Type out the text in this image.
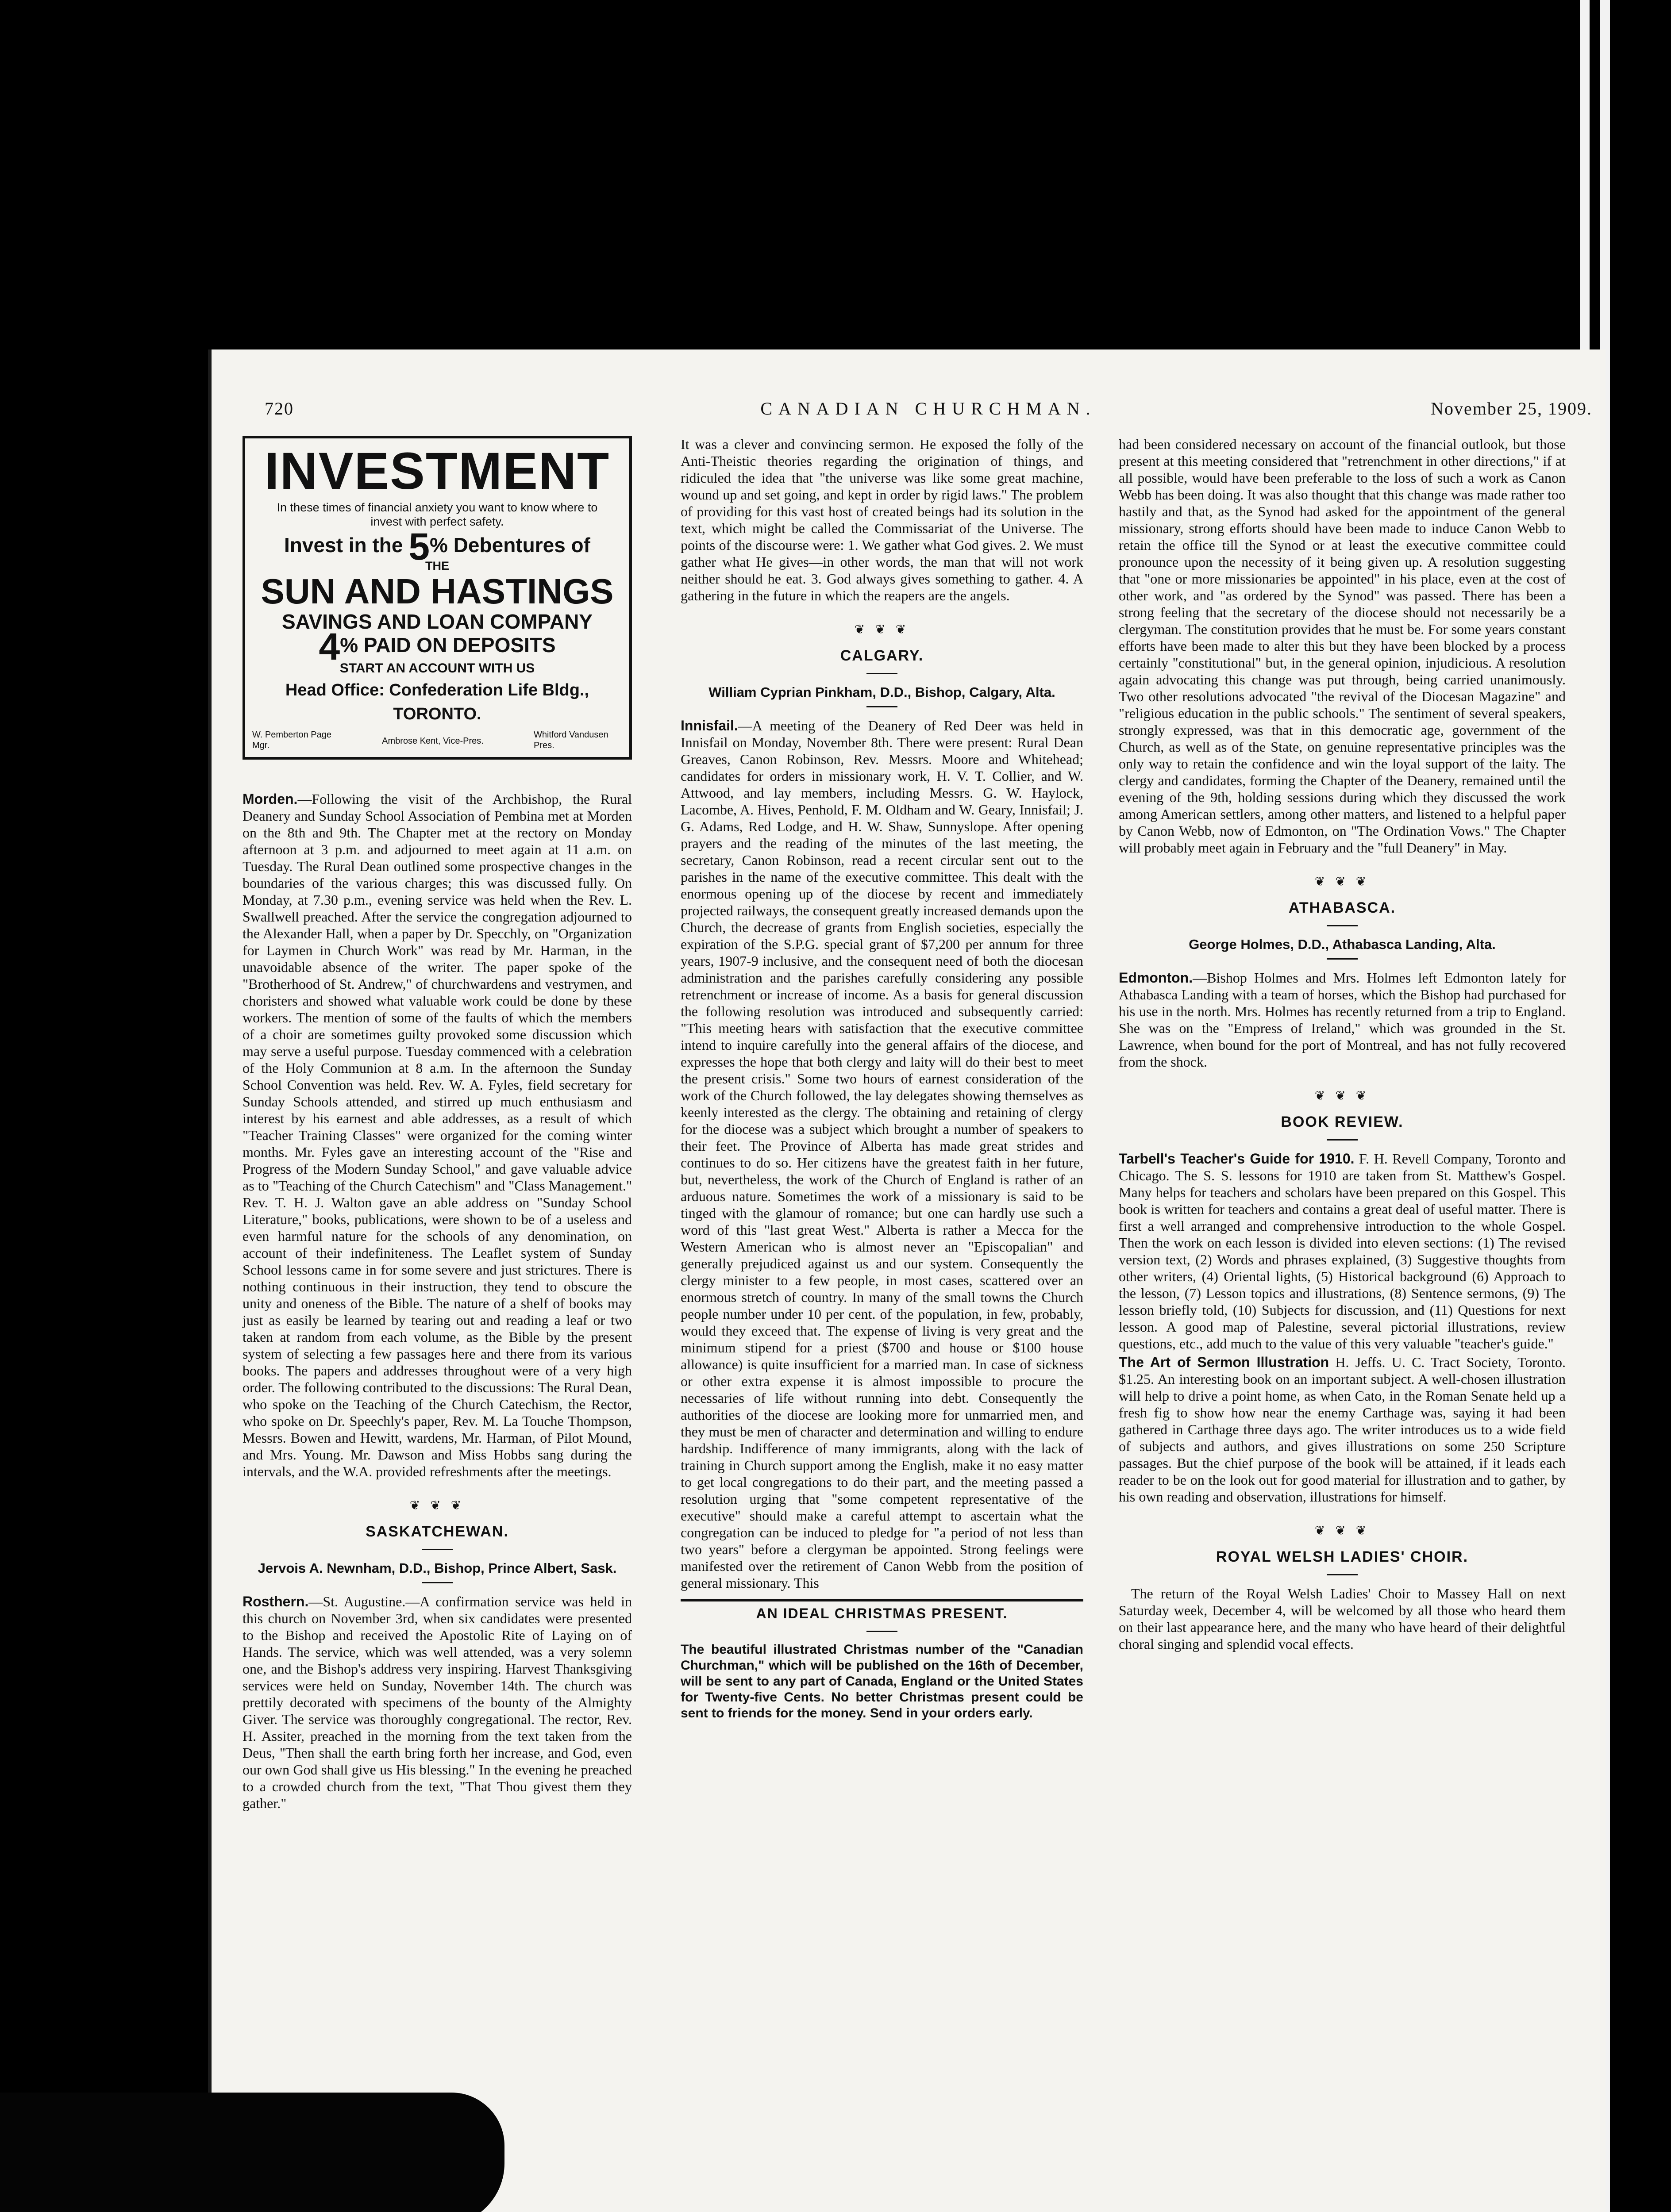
720	CANADIAN CHURCHMAN.	November 25, 1909.
INVESTMENT
In these times of financial anxiety you want to know where to invest with perfect safety.
Invest in the 5% Debentures of
THE
SUN AND HASTINGS
SAVINGS AND LOAN COMPANY
4% PAID ON DEPOSITS
START AN ACCOUNT WITH US
Head Office: Confederation Life Bldg., TORONTO.
W. Pemberton Page Mgr.	Ambrose Kent, Vice-Pres.
Whitford Vandusen Pres.

Morden.—Following the visit of the Archbishop, the Rural Deanery and Sunday School Association of Pembina met at Morden on the 8th and 9th. The Chapter met at the rectory on Monday afternoon at 3 p.m. and adjourned to meet again at 11 a.m. on Tuesday. The Rural Dean outlined some prospective changes in the boundaries of the various charges; this was discussed fully. On Monday, at 7.30 p.m., evening service was held when the Rev. L. Swallwell preached. After the service the congregation adjourned to the Alexander Hall, when a paper by Dr. Specchly, on "Organization for Laymen in Church Work" was read by Mr. Harman, in the unavoidable absence of the writer. The paper spoke of the "Brotherhood of St. Andrew," of churchwardens and vestrymen, and choristers and showed what valuable work could be done by these workers. The mention of some of the faults of which the members of a choir are sometimes guilty provoked some discussion which may serve a useful purpose. Tuesday commenced with a celebration of the Holy Communion at 8 a.m. In the afternoon the Sunday School Convention was held. Rev. W. A. Fyles, field secretary for Sunday Schools attended, and stirred up much enthusiasm and interest by his earnest and able addresses, as a result of which "Teacher Training Classes" were organized for the coming winter months. Mr. Fyles gave an interesting account of the "Rise and Progress of the Modern Sunday School," and gave valuable advice as to "Teaching of the Church Catechism" and "Class Management." Rev. T. H. J. Walton gave an able address on "Sunday School Literature," books, publications, were shown to be of a useless and even harmful nature for the schools of any denomination, on account of their indefiniteness. The Leaflet system of Sunday School lessons came in for some severe and just strictures. There is nothing continuous in their instruction, they tend to obscure the unity and oneness of the Bible. The nature of a shelf of books may just as easily be learned by tearing out and reading a leaf or two taken at random from each volume, as the Bible by the present system of selecting a few passages here and there from its various books. The papers and addresses throughout were of a very high order. The following contributed to the discussions: The Rural Dean, who spoke on the Teaching of the Church Catechism, the Rector, who spoke on Dr. Speechly's paper, Rev. M. La Touche Thompson, Messrs. Bowen and Hewitt, wardens, Mr. Harman, of Pilot Mound, and Mrs. Young. Mr. Dawson and Miss Hobbs sang during the intervals, and the W.A. provided refreshments after the meetings.

❦ ❦ ❦
SASKATCHEWAN.
Jervois A. Newnham, D.D., Bishop, Prince Albert, Sask.

Rosthern.—St. Augustine.—A confirmation service was held in this church on November 3rd, when six candidates were presented to the Bishop and received the Apostolic Rite of Laying on of Hands. The service, which was well attended, was a very solemn one, and the Bishop's address very inspiring. Harvest Thanksgiving services were held on Sunday, November 14th. The church was prettily decorated with specimens of the bounty of the Almighty Giver. The service was thoroughly congregational. The rector, Rev. H. Assiter, preached in the morning from the text taken from the Deus, "Then shall the earth bring forth her increase, and God, even our own God shall give us His blessing." In the evening he preached to a crowded church from the text, "That Thou givest them they gather."

It was a clever and convincing sermon. He exposed the folly of the Anti-Theistic theories regarding the origination of things, and ridiculed the idea that "the universe was like some great machine, wound up and set going, and kept in order by rigid laws." The problem of providing for this vast host of created beings had its solution in the text, which might be called the Commissariat of the Universe. The points of the discourse were: 1. We gather what God gives. 2. We must gather what He gives—in other words, the man that will not work neither should he eat. 3. God always gives something to gather. 4. A gathering in the future in which the reapers are the angels.

❦ ❦ ❦
CALGARY.
William Cyprian Pinkham, D.D., Bishop, Calgary, Alta.

Innisfail.—A meeting of the Deanery of Red Deer was held in Innisfail on Monday, November 8th. There were present: Rural Dean Greaves, Canon Robinson, Rev. Messrs. Moore and Whitehead; candidates for orders in missionary work, H. V. T. Collier, and W. Attwood, and lay members, including Messrs. G. W. Haylock, Lacombe, A. Hives, Penhold, F. M. Oldham and W. Geary, Innisfail; J. G. Adams, Red Lodge, and H. W. Shaw, Sunnyslope. After opening prayers and the reading of the minutes of the last meeting, the secretary, Canon Robinson, read a recent circular sent out to the parishes in the name of the executive committee. This dealt with the enormous opening up of the diocese by recent and immediately projected railways, the consequent greatly increased demands upon the Church, the decrease of grants from English societies, especially the expiration of the S.P.G. special grant of $7,200 per annum for three years, 1907-9 inclusive, and the consequent need of both the diocesan administration and the parishes carefully considering any possible retrenchment or increase of income. As a basis for general discussion the following resolution was introduced and subsequently carried: "This meeting hears with satisfaction that the executive committee intend to inquire carefully into the general affairs of the diocese, and expresses the hope that both clergy and laity will do their best to meet the present crisis." Some two hours of earnest consideration of the work of the Church followed, the lay delegates showing themselves as keenly interested as the clergy. The obtaining and retaining of clergy for the diocese was a subject which brought a number of speakers to their feet. The Province of Alberta has made great strides and continues to do so. Her citizens have the greatest faith in her future, but, nevertheless, the work of the Church of England is rather of an arduous nature. Sometimes the work of a missionary is said to be tinged with the glamour of romance; but one can hardly use such a word of this "last great West." Alberta is rather a Mecca for the Western American who is almost never an "Episcopalian" and generally prejudiced against us and our system. Consequently the clergy minister to a few people, in most cases, scattered over an enormous stretch of country. In many of the small towns the Church people number under 10 per cent. of the population, in few, probably, would they exceed that. The expense of living is very great and the minimum stipend for a priest ($700 and house or $100 house allowance) is quite insufficient for a married man. In case of sickness or other extra expense it is almost impossible to procure the necessaries of life without running into debt. Consequently the authorities of the diocese are looking more for unmarried men, and they must be men of character and determination and willing to endure hardship. Indifference of many immigrants, along with the lack of training in Church support among the English, make it no easy matter to get local congregations to do their part, and the meeting passed a resolution urging that "some competent representative of the executive" should make a careful attempt to ascertain what the congregation can be induced to pledge for "a period of not less than two years" before a clergyman be appointed. Strong feelings were manifested over the retirement of Canon Webb from the position of general missionary. This

AN IDEAL CHRISTMAS PRESENT.
The beautiful illustrated Christmas number of the "Canadian Churchman," which will be published on the 16th of December, will be sent to any part of Canada, England or the United States for Twenty-five Cents. No better Christmas present could be sent to friends for the money. Send in your orders early.

had been considered necessary on account of the financial outlook, but those present at this meeting considered that "retrenchment in other directions," if at all possible, would have been preferable to the loss of such a work as Canon Webb has been doing. It was also thought that this change was made rather too hastily and that, as the Synod had asked for the appointment of the general missionary, strong efforts should have been made to induce Canon Webb to retain the office till the Synod or at least the executive committee could pronounce upon the necessity of it being given up. A resolution suggesting that "one or more missionaries be appointed" in his place, even at the cost of other work, and "as ordered by the Synod" was passed. There has been a strong feeling that the secretary of the diocese should not necessarily be a clergyman. The constitution provides that he must be. For some years constant efforts have been made to alter this but they have been blocked by a process certainly "constitutional" but, in the general opinion, injudicious. A resolution again advocating this change was put through, being carried unanimously. Two other resolutions advocated "the revival of the Diocesan Magazine" and "religious education in the public schools." The sentiment of several speakers, strongly expressed, was that in this democratic age, government of the Church, as well as of the State, on genuine representative principles was the only way to retain the confidence and win the loyal support of the laity. The clergy and candidates, forming the Chapter of the Deanery, remained until the evening of the 9th, holding sessions during which they discussed the work among American settlers, among other matters, and listened to a helpful paper by Canon Webb, now of Edmonton, on "The Ordination Vows." The Chapter will probably meet again in February and the "full Deanery" in May.

❦ ❦ ❦
ATHABASCA.
George Holmes, D.D., Athabasca Landing, Alta.

Edmonton.—Bishop Holmes and Mrs. Holmes left Edmonton lately for Athabasca Landing with a team of horses, which the Bishop had purchased for his use in the north. Mrs. Holmes has recently returned from a trip to England. She was on the "Empress of Ireland," which was grounded in the St. Lawrence, when bound for the port of Montreal, and has not fully recovered from the shock.

❦ ❦ ❦
BOOK REVIEW.

Tarbell's Teacher's Guide for 1910. F. H. Revell Company, Toronto and Chicago. The S. S. lessons for 1910 are taken from St. Matthew's Gospel. Many helps for teachers and scholars have been prepared on this Gospel. This book is written for teachers and contains a great deal of useful matter. There is first a well arranged and comprehensive introduction to the whole Gospel. Then the work on each lesson is divided into eleven sections: (1) The revised version text, (2) Words and phrases explained, (3) Suggestive thoughts from other writers, (4) Oriental lights, (5) Historical background (6) Approach to the lesson, (7) Lesson topics and illustrations, (8) Sentence sermons, (9) The lesson briefly told, (10) Subjects for discussion, and (11) Questions for next lesson. A good map of Palestine, several pictorial illustrations, review questions, etc., add much to the value of this very valuable "teacher's guide."

The Art of Sermon Illustration H. Jeffs. U. C. Tract Society, Toronto. $1.25. An interesting book on an important subject. A well-chosen illustration will help to drive a point home, as when Cato, in the Roman Senate held up a fresh fig to show how near the enemy Carthage was, saying it had been gathered in Carthage three days ago. The writer introduces us to a wide field of subjects and authors, and gives illustrations on some 250 Scripture passages. But the chief purpose of the book will be attained, if it leads each reader to be on the look out for good material for illustration and to gather, by his own reading and observation, illustrations for himself.

❦ ❦ ❦
ROYAL WELSH LADIES' CHOIR.

The return of the Royal Welsh Ladies' Choir to Massey Hall on next Saturday week, December 4, will be welcomed by all those who heard them on their last appearance here, and the many who have heard of their delightful choral singing and splendid vocal effects.
